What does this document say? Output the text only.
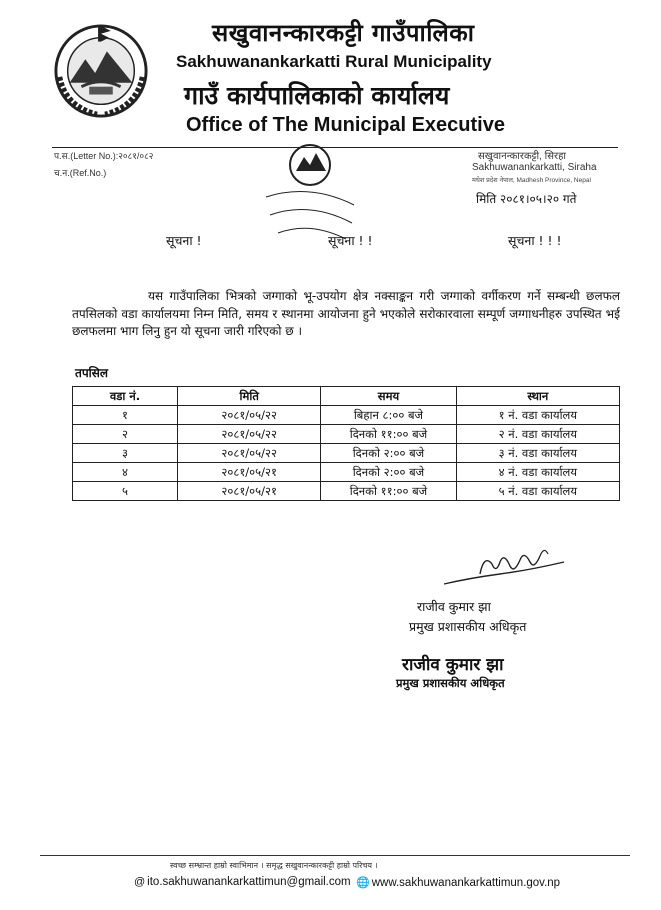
सखुवानन्कारकट्टी गाउँपालिका
Sakhuwanankarkatti Rural Municipality
गाउँ कार्यपालिकाको कार्यालय
Office of The Municipal Executive
प.स.(Letter No.):२०८१/०८२
च.न.(Ref.No.)
सखुवानन्कारकट्टी, सिरहा
Sakhuwanankarkatti, Siraha
मधेश प्रदेश नेपाल, Madhesh Province, Nepal
मिति २०८१।०५।२० गते
सूचना !	सूचना ! !	सूचना ! ! !

यस गाउँपालिका भित्रको जग्गाको भू-उपयोग क्षेत्र नक्साङ्कन गरी जग्गाको वर्गीकरण गर्ने सम्बन्धी छलफल तपसिलको वडा कार्यालयमा निम्न मिति, समय र स्थानमा आयोजना हुने भएकोले सरोकारवाला सम्पूर्ण जग्गाधनीहरु उपस्थित भई छलफलमा भाग लिनु हुन यो सूचना जारी गरिएको छ ।

तपसिल
वडा नं.	मिति	समय	स्थान
१	२०८१/०५/२२	बिहान ८:०० बजे	१ नं. वडा कार्यालय
२	२०८१/०५/२२	दिनको ११:०० बजे	२ नं. वडा कार्यालय
३	२०८१/०५/२२	दिनको २:०० बजे	३ नं. वडा कार्यालय
४	२०८१/०५/२१	दिनको २:०० बजे	४ नं. वडा कार्यालय
५	२०८१/०५/२१	दिनको ११:०० बजे	५ नं. वडा कार्यालय
राजीव कुमार झा
प्रमुख प्रशासकीय अधिकृत
राजीव कुमार झा
प्रमुख प्रशासकीय अधिकृत
स्वच्छ सम्भ्रान्त हाम्रो स्वाभिमान । समृद्ध सखुवानन्कारकट्टी हाम्रो परिचय ।
@ ito.sakhuwanankarkattimun@gmail.com 🌐 www.sakhuwanankarkattimun.gov.np
